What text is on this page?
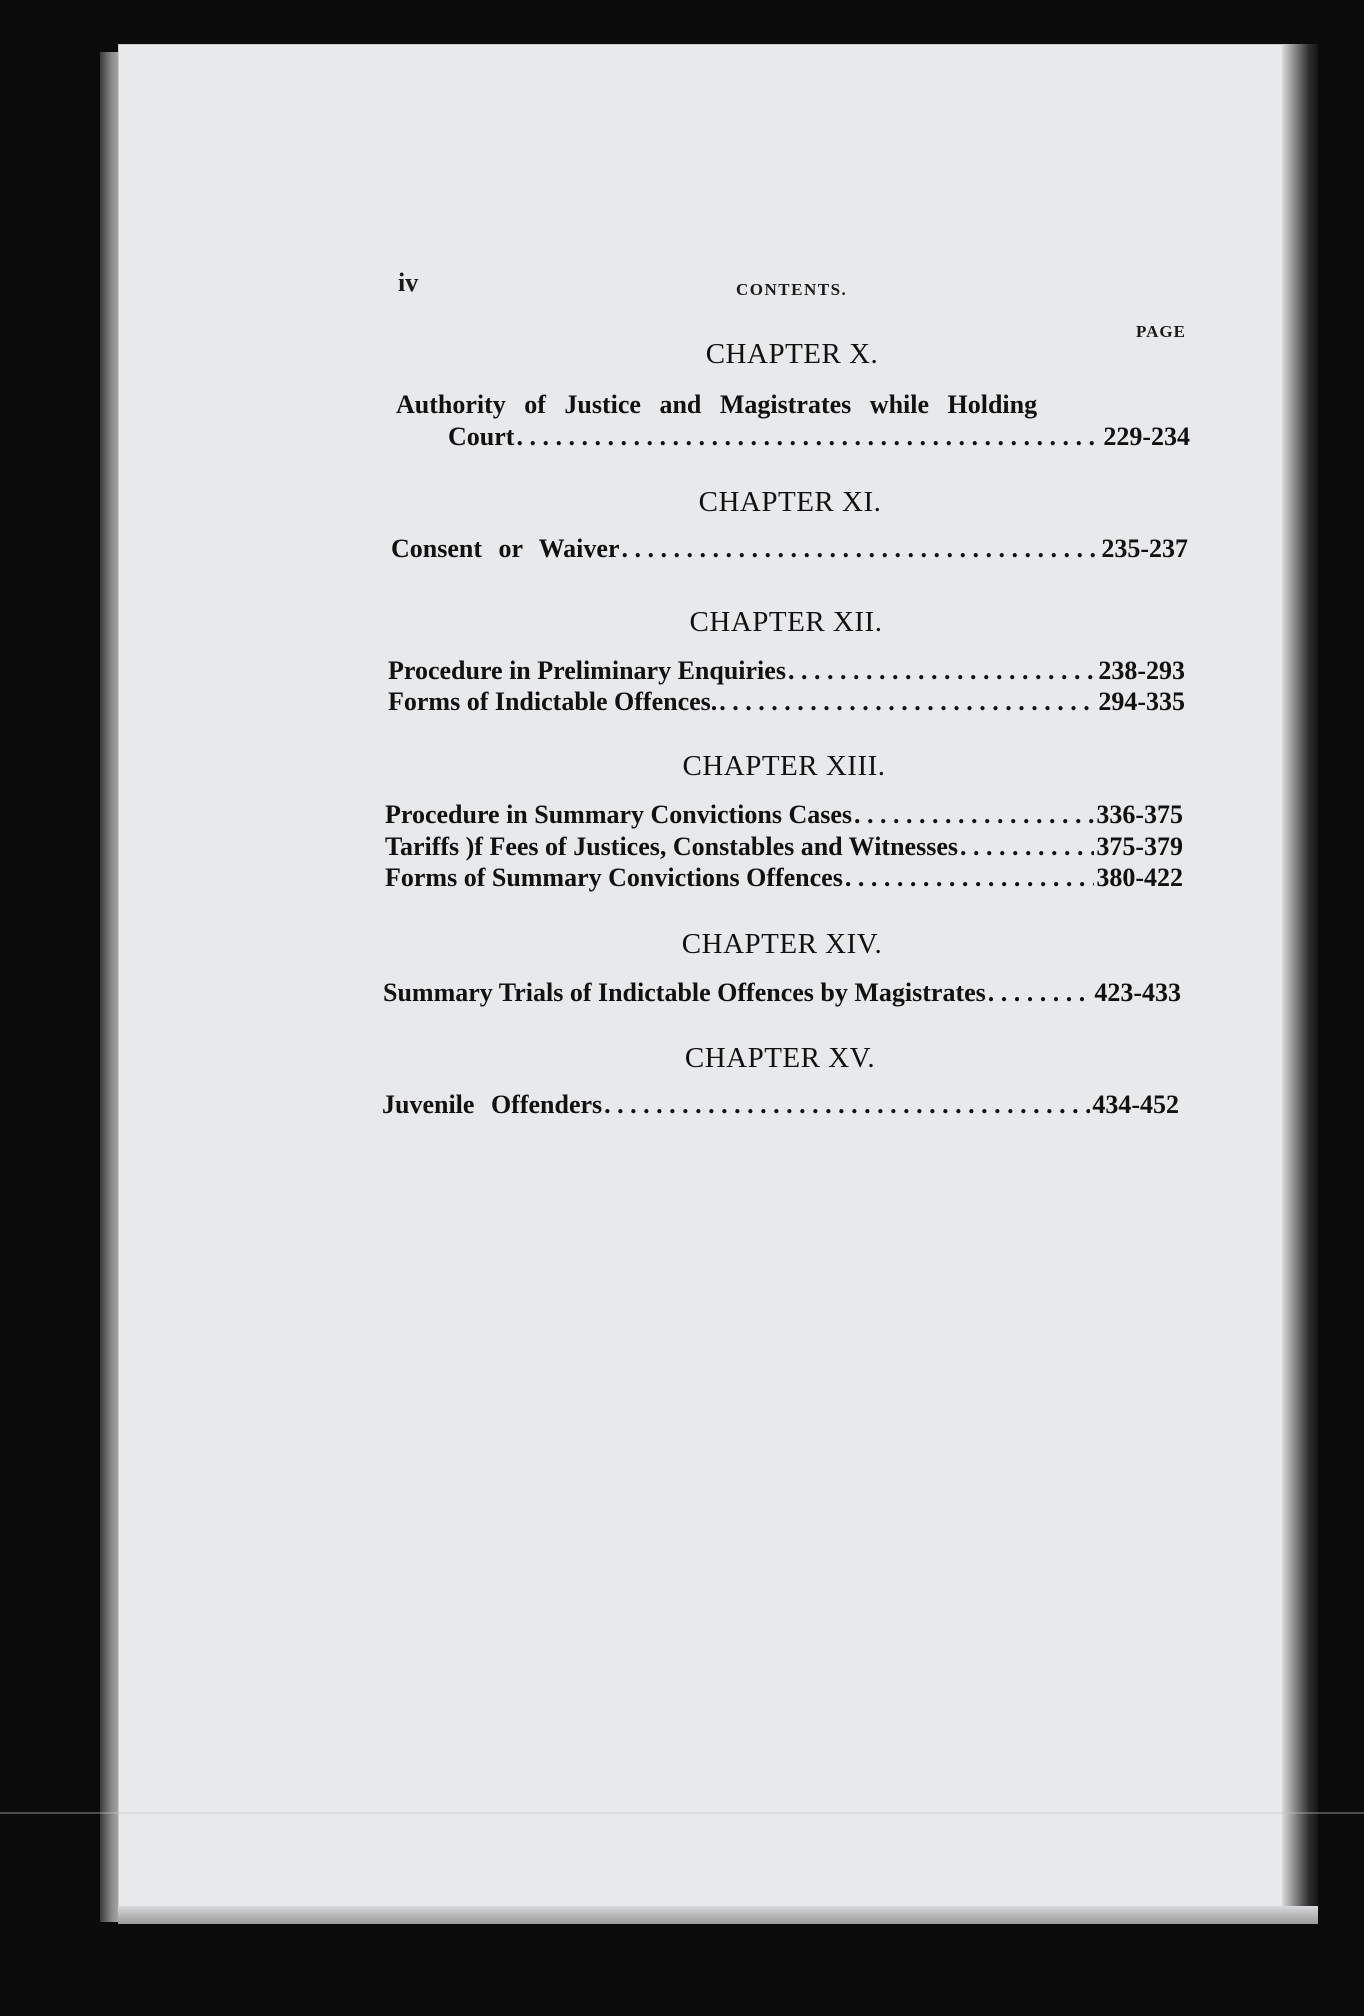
iv	CONTENTS.
PAGE
CHAPTER X.
Authority of Justice and Magistrates while Holding
Court . . .	229-234
CHAPTER XI.
Consent or Waiver . . .	235-237
CHAPTER XII.
Procedure in Preliminary Enquiries . . .	238-293
Forms of Indictable Offences. . . .	294-335
CHAPTER XIII.
Procedure in Summary Convictions Cases . . .	336-375
Tariffs )f Fees of Justices, Constables and Witnesses . . .	375-379
Forms of Summary Convictions Offences . . .	380-422
CHAPTER XIV.
Summary Trials of Indictable Offences by Magistrates . . .	423-433
CHAPTER XV.
Juvenile Offenders . . .	434-452
